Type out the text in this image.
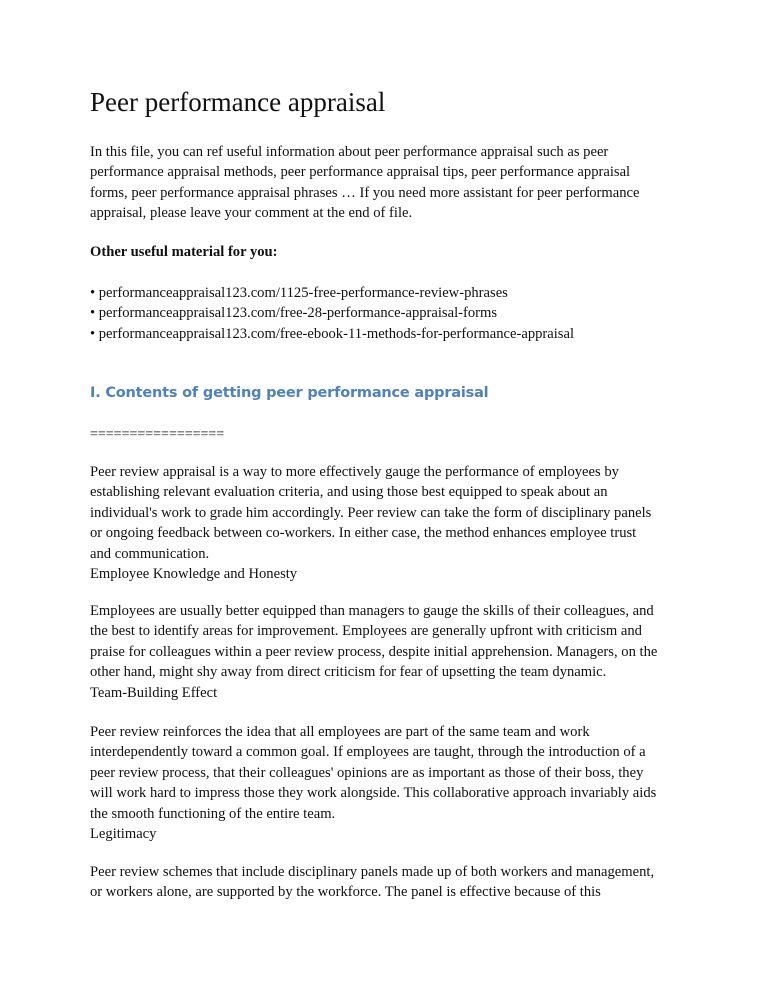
Peer performance appraisal
In this file, you can ref useful information about peer performance appraisal such as peer
performance appraisal methods, peer performance appraisal tips, peer performance appraisal
forms, peer performance appraisal phrases … If you need more assistant for peer performance
appraisal, please leave your comment at the end of file.
Other useful material for you:
• performanceappraisal123.com/1125-free-performance-review-phrases
• performanceappraisal123.com/free-28-performance-appraisal-forms
• performanceappraisal123.com/free-ebook-11-methods-for-performance-appraisal
I. Contents of getting peer performance appraisal
=================
Peer review appraisal is a way to more effectively gauge the performance of employees by
establishing relevant evaluation criteria, and using those best equipped to speak about an
individual's work to grade him accordingly. Peer review can take the form of disciplinary panels
or ongoing feedback between co-workers. In either case, the method enhances employee trust
and communication.
Employee Knowledge and Honesty
Employees are usually better equipped than managers to gauge the skills of their colleagues, and
the best to identify areas for improvement. Employees are generally upfront with criticism and
praise for colleagues within a peer review process, despite initial apprehension. Managers, on the
other hand, might shy away from direct criticism for fear of upsetting the team dynamic.
Team-Building Effect
Peer review reinforces the idea that all employees are part of the same team and work
interdependently toward a common goal. If employees are taught, through the introduction of a
peer review process, that their colleagues' opinions are as important as those of their boss, they
will work hard to impress those they work alongside. This collaborative approach invariably aids
the smooth functioning of the entire team.
Legitimacy
Peer review schemes that include disciplinary panels made up of both workers and management,
or workers alone, are supported by the workforce. The panel is effective because of this
